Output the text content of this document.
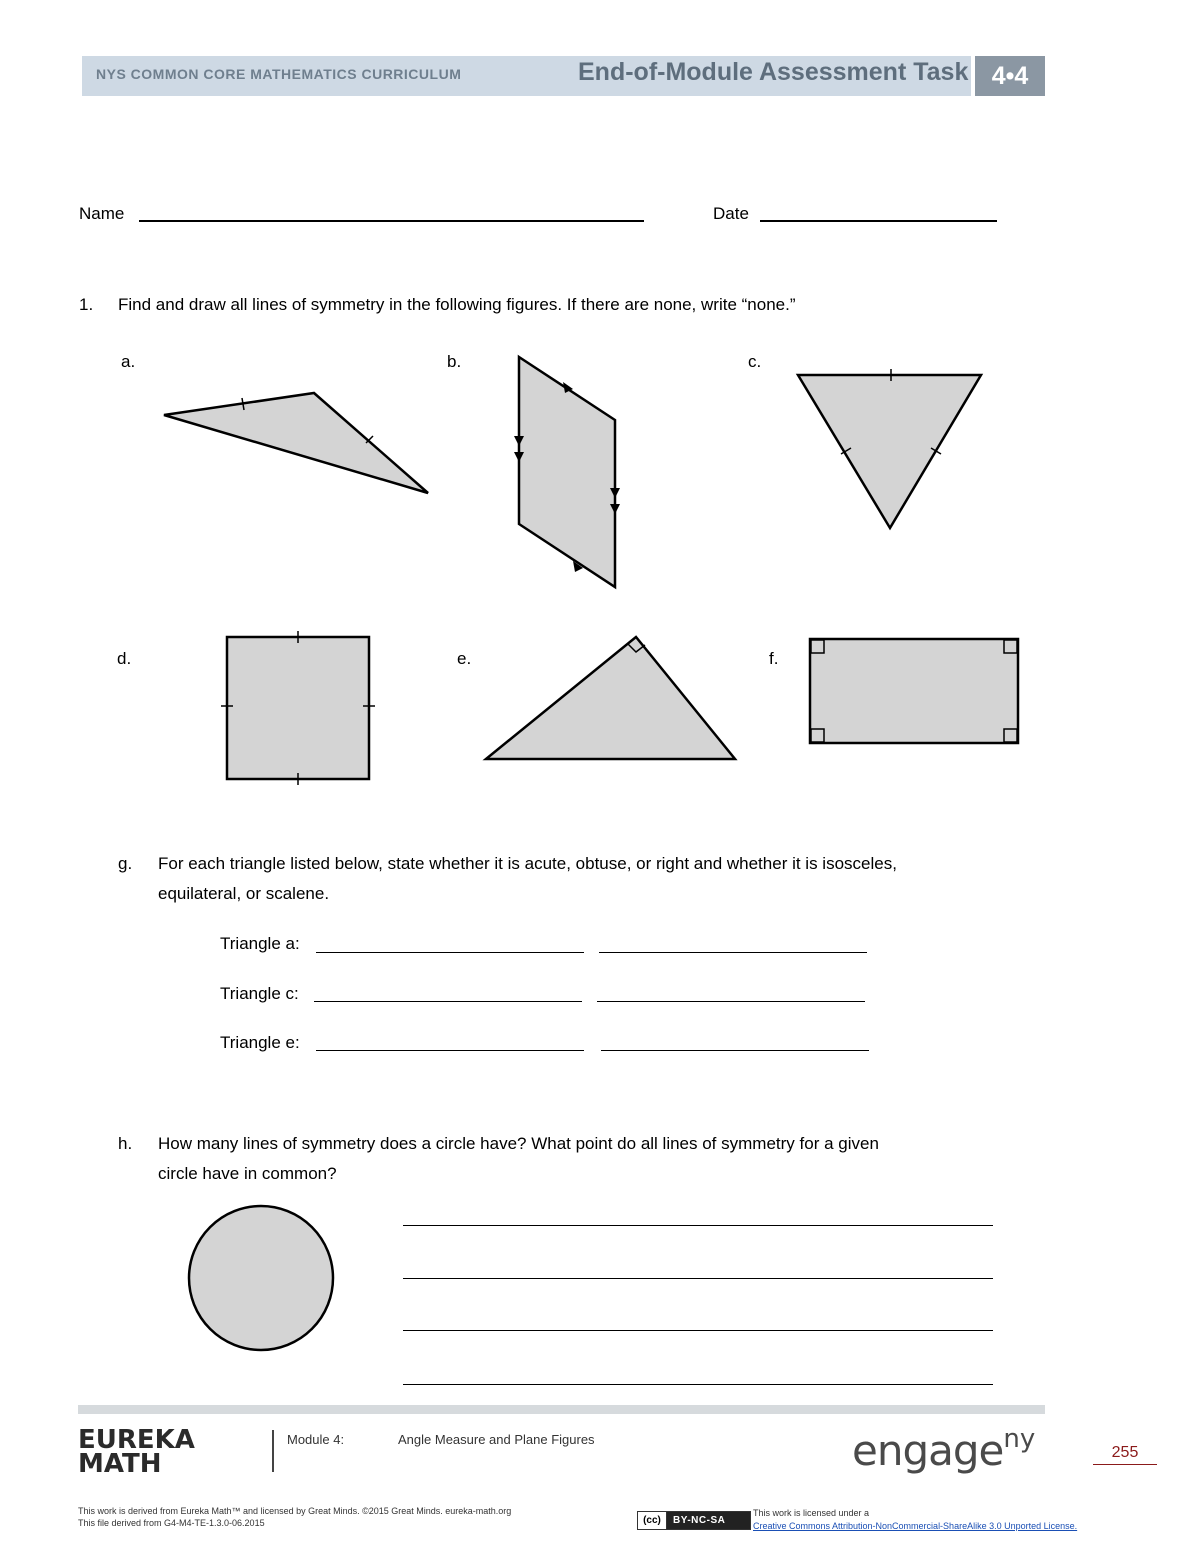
NYS COMMON CORE MATHEMATICS CURRICULUM	End-of-Module Assessment Task 4•4
Name	Date
1. Find and draw all lines of symmetry in the following figures. If there are none, write “none.”
a.	b.	c.
d.	e.	f.
g. For each triangle listed below, state whether it is acute, obtuse, or right and whether it is isosceles,
equilateral, or scalene.
Triangle a:
Triangle c:
Triangle e:
h. How many lines of symmetry does a circle have? What point do all lines of symmetry for a given
circle have in common?
EUREKA
MATH
Module 4:	Angle Measure and Plane Figures	engage$^{ny}$	255
This work is derived from Eureka Math™ and licensed by Great Minds. ©2015 Great Minds. eureka-math.org
This file derived from G4-M4-TE-1.3.0-06.2015	(cc) BY-NC-SA
This work is licensed under a
Creative Commons Attribution-NonCommercial-ShareAlike 3.0 Unported License.
